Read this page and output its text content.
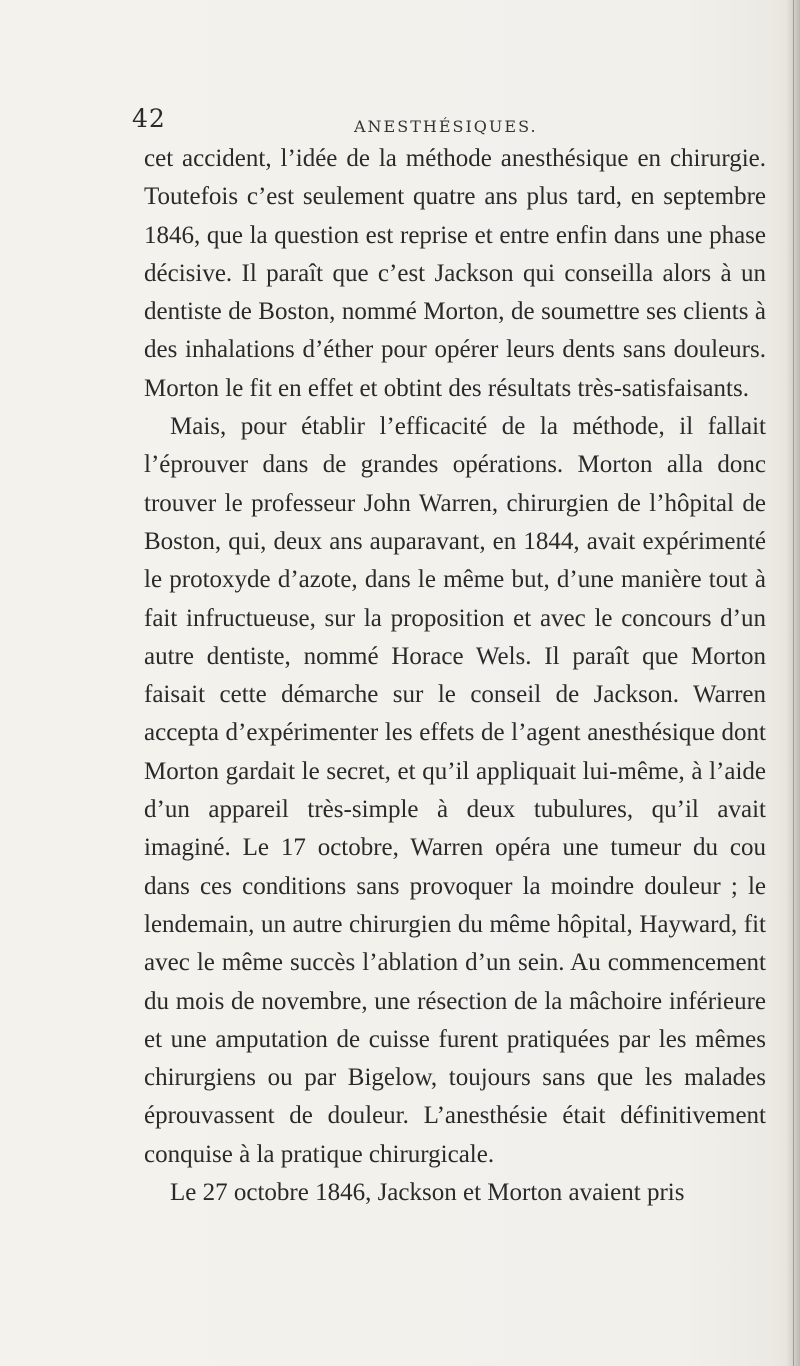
42	ANESTHÉSIQUES.

cet accident, l’idée de la méthode anesthésique en chirurgie. Toutefois c’est seulement quatre ans plus tard, en septembre 1846, que la question est reprise et entre enfin dans une phase décisive. Il paraît que c’est Jackson qui conseilla alors à un dentiste de Boston, nommé Morton, de soumettre ses clients à des inhalations d’éther pour opérer leurs dents sans douleurs. Morton le fit en effet et obtint des résultats très-satisfaisants.

Mais, pour établir l’efficacité de la méthode, il fallait l’éprouver dans de grandes opérations. Morton alla donc trouver le professeur John Warren, chirurgien de l’hôpital de Boston, qui, deux ans auparavant, en 1844, avait expérimenté le protoxyde d’azote, dans le même but, d’une manière tout à fait infructueuse, sur la proposition et avec le concours d’un autre dentiste, nommé Horace Wels. Il paraît que Morton faisait cette démarche sur le conseil de Jackson. Warren accepta d’expérimenter les effets de l’agent anesthésique dont Morton gardait le secret, et qu’il appliquait lui-même, à l’aide d’un appareil très-simple à deux tubulures, qu’il avait imaginé. Le 17 octobre, Warren opéra une tumeur du cou dans ces conditions sans provoquer la moindre douleur ; le lendemain, un autre chirurgien du même hôpital, Hayward, fit avec le même succès l’ablation d’un sein. Au commencement du mois de novembre, une résection de la mâchoire inférieure et une amputation de cuisse furent pratiquées par les mêmes chirurgiens ou par Bigelow, toujours sans que les malades éprouvassent de douleur. L’anesthésie était définitivement conquise à la pratique chirurgicale.

Le 27 octobre 1846, Jackson et Morton avaient pris
